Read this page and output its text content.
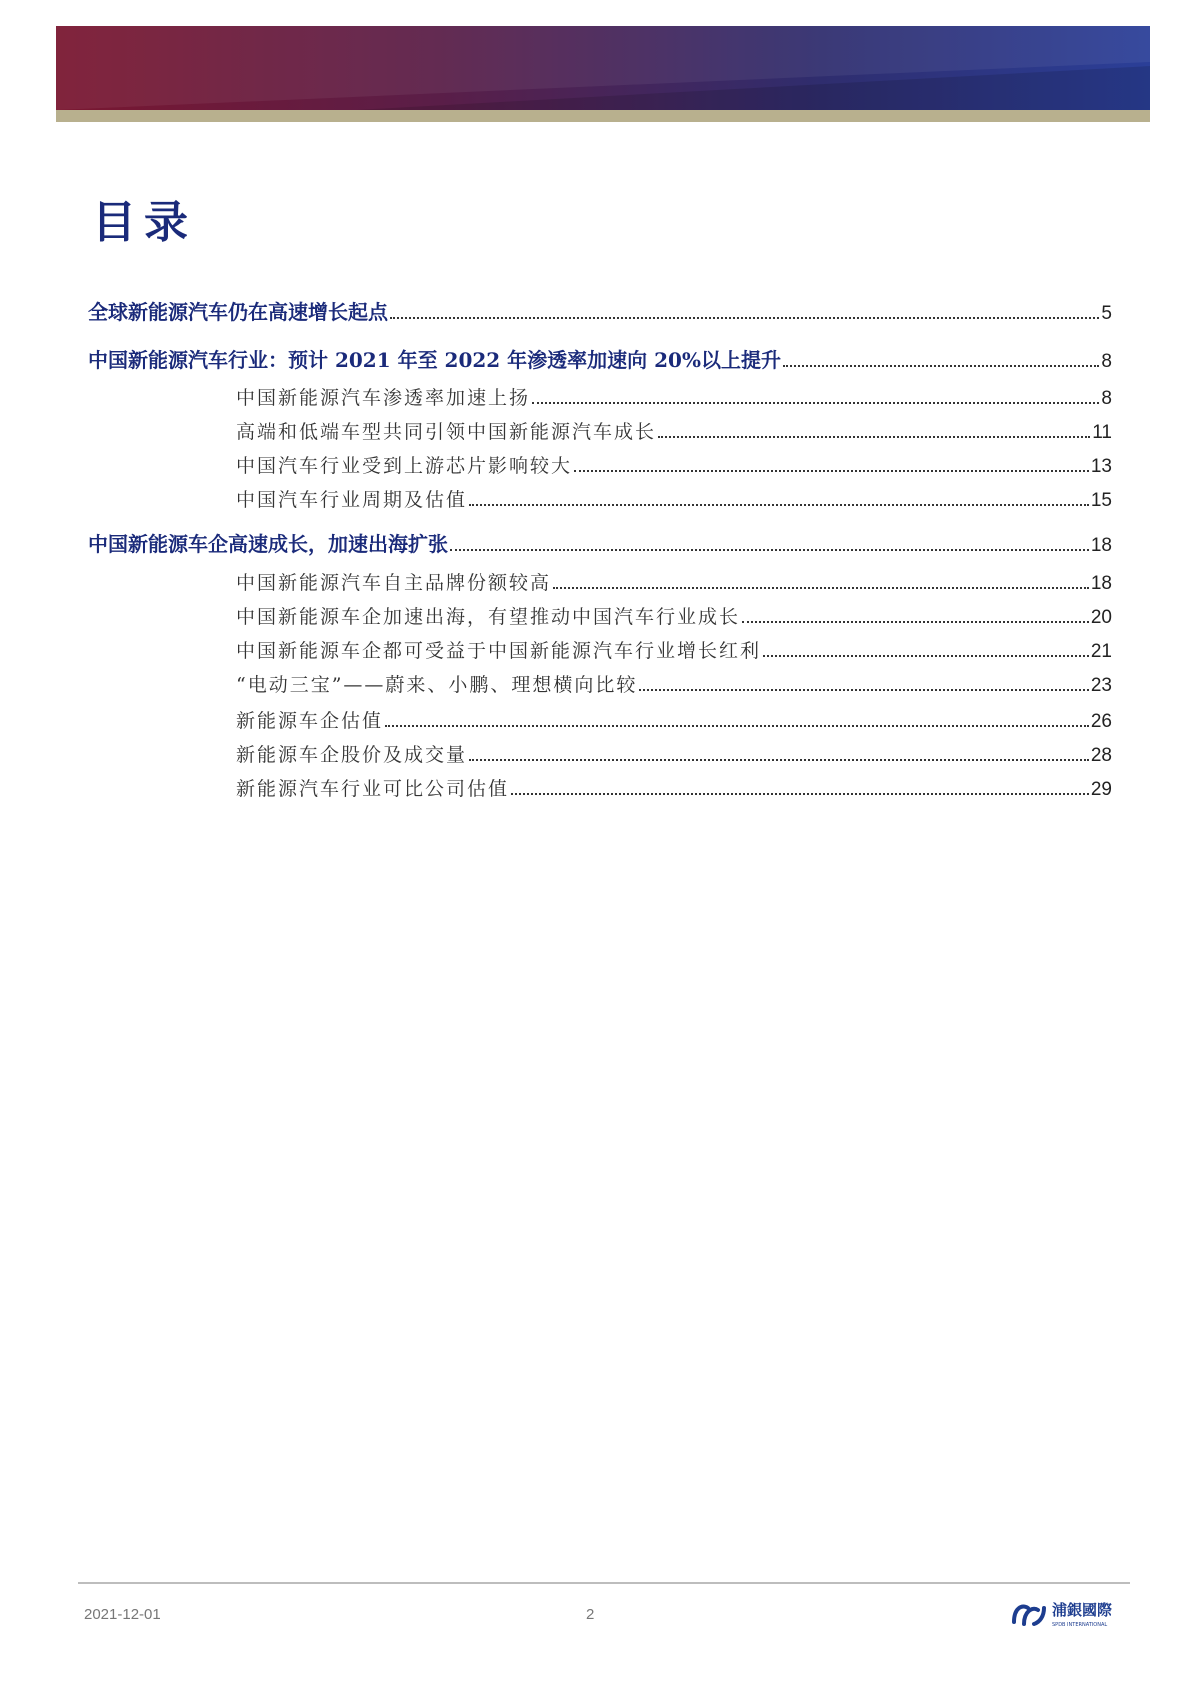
目录
全球新能源汽车仍在高速增长起点	5
中国新能源汽车行业：预计 2021 年至 2022 年渗透率加速向 20%以上提升	8
中国新能源汽车渗透率加速上扬	8
高端和低端车型共同引领中国新能源汽车成长	11
中国汽车行业受到上游芯片影响较大	13
中国汽车行业周期及估值	15
中国新能源车企高速成长，加速出海扩张	18
中国新能源汽车自主品牌份额较高	18
中国新能源车企加速出海，有望推动中国汽车行业成长	20
中国新能源车企都可受益于中国新能源汽车行业增长红利	21
“电动三宝”——蔚来、小鹏、理想横向比较	23
新能源车企估值	26
新能源车企股价及成交量	28
新能源汽车行业可比公司估值	29
2021-12-01	2	浦銀國際
SPDB INTERNATIONAL
